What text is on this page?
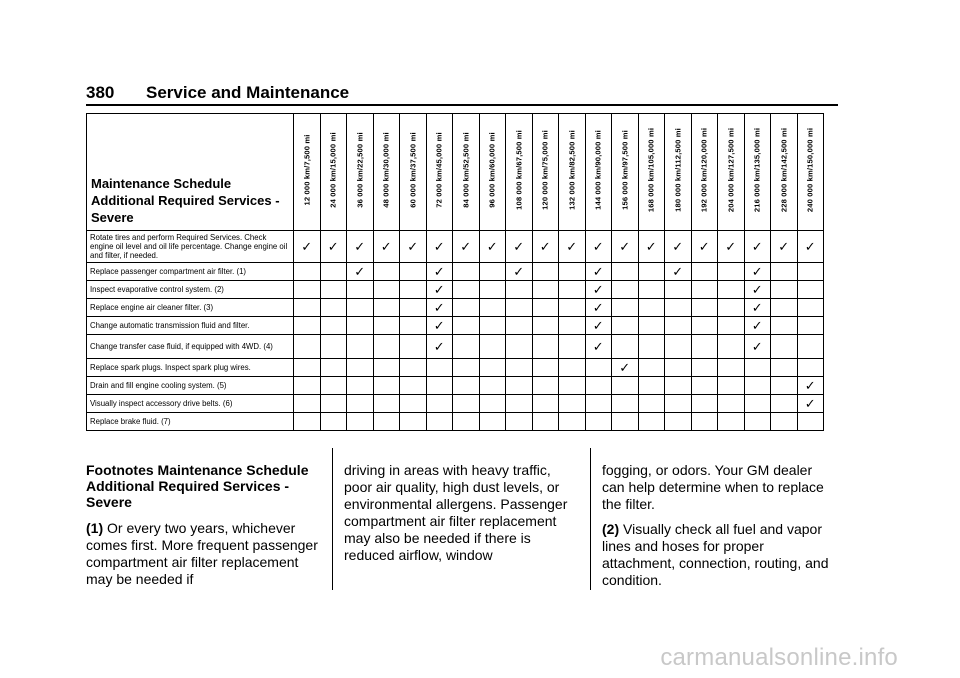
380 Service and Maintenance
Maintenance Schedule Additional Required Services - Severe	12 000 km/7,500 mi	24 000 km/15,000 mi	36 000 km/22,500 mi	48 000 km/30,000 mi	60 000 km/37,500 mi	72 000 km/45,000 mi	84 000 km/52,500 mi	96 000 km/60,000 mi	108 000 km/67,500 mi	120 000 km/75,000 mi	132 000 km/82,500 mi	144 000 km/90,000 mi	156 000 km/97,500 mi	168 000 km/105,000 mi	180 000 km/112,500 mi	192 000 km/120,000 mi	204 000 km/127,500 mi	216 000 km/135,000 mi	228 000 km/142,500 mi	240 000 km/150,000 mi

Rotate tires and perform Required Services. Check engine oil level and oil life percentage. Change engine oil and filter, if needed.	✓	✓	✓	✓	✓	✓	✓	✓	✓	✓	✓	✓	✓	✓	✓	✓	✓	✓	✓	✓
Replace passenger compartment air filter. (1)			✓			✓			✓			✓			✓			✓		
Inspect evaporative control system. (2)						✓						✓						✓		
Replace engine air cleaner filter. (3)						✓						✓						✓		
Change automatic transmission fluid and filter.						✓						✓						✓		
Change transfer case fluid, if equipped with 4WD. (4)						✓						✓						✓		
Replace spark plugs. Inspect spark plug wires.													✓							
Drain and fill engine cooling system. (5)																				✓
Visually inspect accessory drive belts. (6)																				✓
Replace brake fluid. (7)																				

Footnotes Maintenance Schedule Additional Required Services - Severe

(1) Or every two years, whichever comes first. More frequent passenger compartment air filter replacement may be needed if

driving in areas with heavy traffic, poor air quality, high dust levels, or environmental allergens. Passenger compartment air filter replacement may also be needed if there is reduced airflow, window

fogging, or odors. Your GM dealer can help determine when to replace the filter.

(2) Visually check all fuel and vapor lines and hoses for proper attachment, connection, routing, and condition.

carmanualsonline.info
